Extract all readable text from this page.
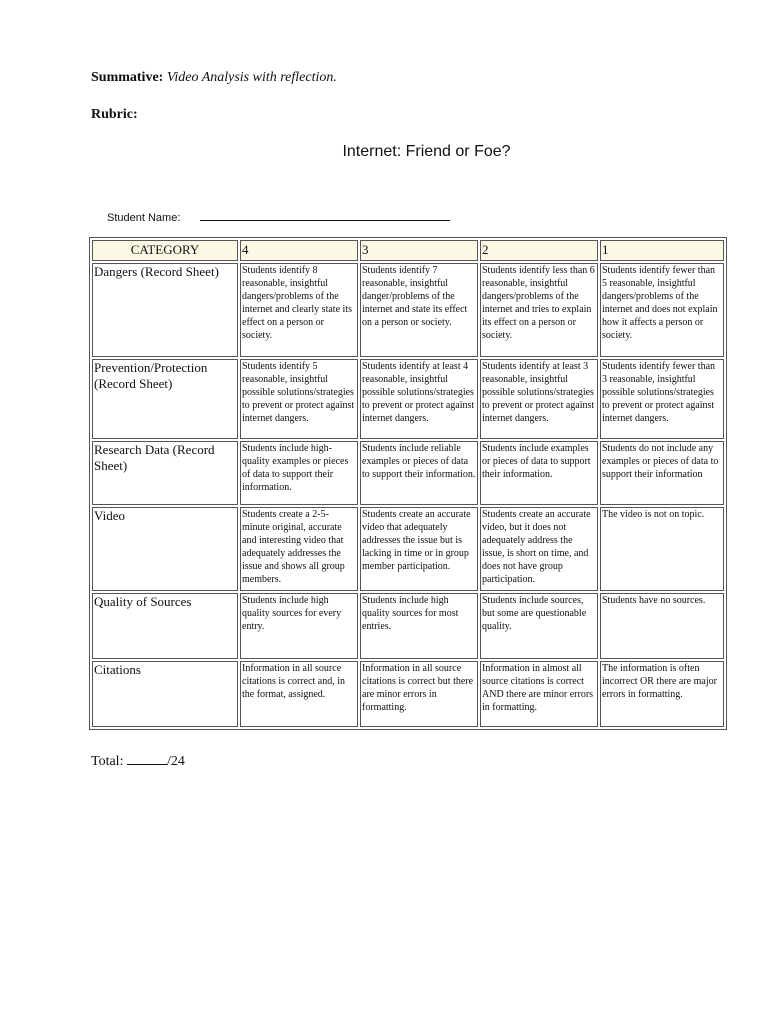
Summative: Video Analysis with reflection.
Rubric:
Internet: Friend or Foe?
Student Name:
CATEGORY	4	3	2	1
Dangers (Record Sheet)	Students identify 8 reasonable, insightful dangers/problems of the internet and clearly state its effect on a person or society.	Students identify 7 reasonable, insightful danger/problems of the internet and state its effect on a person or society.	Students identify less than 6 reasonable, insightful dangers/problems of the internet and tries to explain its effect on a person or society.	Students identify fewer than 5 reasonable, insightful dangers/problems of the internet and does not explain how it affects a person or society.
Prevention/Protection (Record Sheet)	Students identify 5 reasonable, insightful possible solutions/strategies to prevent or protect against internet dangers.	Students identify at least 4 reasonable, insightful possible solutions/strategies to prevent or protect against internet dangers.	Students identify at least 3 reasonable, insightful possible solutions/strategies to prevent or protect against internet dangers.	Students identify fewer than 3 reasonable, insightful possible solutions/strategies to prevent or protect against internet dangers.
Research Data (Record Sheet)	Students include high-quality examples or pieces of data to support their information.	Students include reliable examples or pieces of data to support their information.	Students include examples or pieces of data to support their information.	Students do not include any examples or pieces of data to support their information
Video	Students create a 2-5-minute original, accurate and interesting video that adequately addresses the issue and shows all group members.	Students create an accurate video that adequately addresses the issue but is lacking in time or in group member participation.	Students create an accurate video, but it does not adequately address the issue, is short on time, and does not have group participation.	The video is not on topic.
Quality of Sources	Students include high quality sources for every entry.	Students include high quality sources for most entries.	Students include sources, but some are questionable quality.	Students have no sources.
Citations	Information in all source citations is correct and, in the format, assigned.	Information in all source citations is correct but there are minor errors in formatting.	Information in almost all source citations is correct AND there are minor errors in formatting.	The information is often incorrect OR there are major errors in formatting.
Total:	/24
